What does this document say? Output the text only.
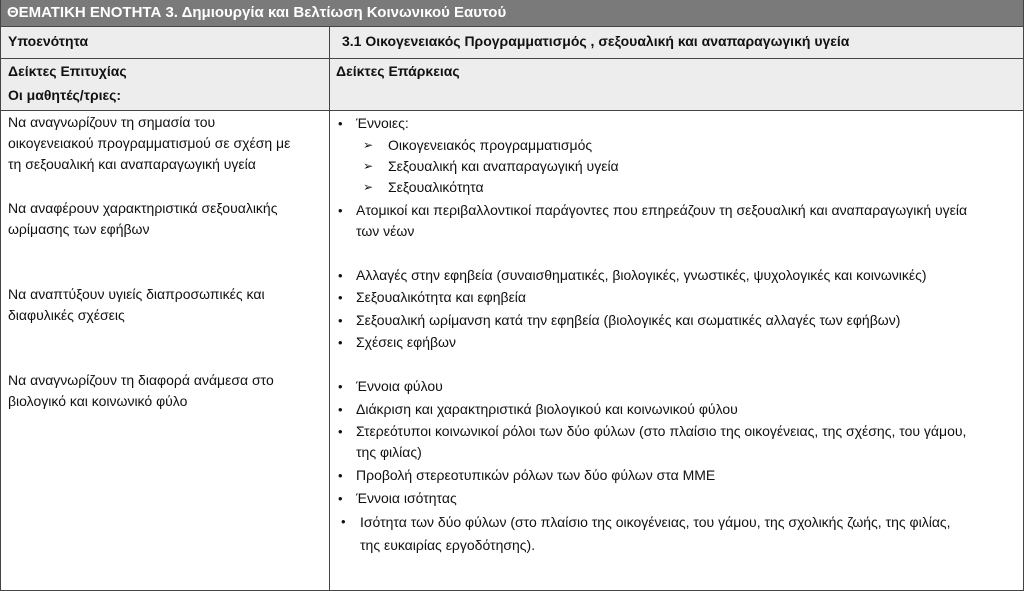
ΘΕΜΑΤΙΚΗ ΕΝΟΤΗΤΑ 3. Δημιουργία και Βελτίωση Κοινωνικού Εαυτού
Υποενότητα	3.1 Οικογενειακός Προγραμματισμός , σεξουαλική και αναπαραγωγική υγεία
Δείκτες Επιτυχίας
Οι μαθητές/τριες:
Δείκτες Επάρκειας
Να αναγνωρίζουν τη σημασία του
οικογενειακού προγραμματισμού σε σχέση με
τη σεξουαλική και αναπαραγωγική υγεία
Να αναφέρουν χαρακτηριστικά σεξουαλικής
ωρίμασης των εφήβων
Να αναπτύξουν υγιείς διαπροσωπικές και
διαφυλικές σχέσεις
Να αναγνωρίζουν τη διαφορά ανάμεσα στο
βιολογικό και κοινωνικό φύλο
• Έννοιες:
➢ Οικογενειακός προγραμματισμός
➢ Σεξουαλική και αναπαραγωγική υγεία
➢ Σεξουαλικότητα
• Ατομικοί και περιβαλλοντικοί παράγοντες που επηρεάζουν τη σεξουαλική και αναπαραγωγική υγεία
των νέων
• Αλλαγές στην εφηβεία (συναισθηματικές, βιολογικές, γνωστικές, ψυχολογικές και κοινωνικές)
• Σεξουαλικότητα και εφηβεία
• Σεξουαλική ωρίμανση κατά την εφηβεία (βιολογικές και σωματικές αλλαγές των εφήβων)
• Σχέσεις εφήβων
• Έννοια φύλου
• Διάκριση και χαρακτηριστικά βιολογικού και κοινωνικού φύλου
• Στερεότυποι κοινωνικοί ρόλοι των δύο φύλων (στο πλαίσιο της οικογένειας, της σχέσης, του γάμου,
της φιλίας)
• Προβολή στερεοτυπικών ρόλων των δύο φύλων στα ΜΜΕ
• Έννοια ισότητας
• Ισότητα των δύο φύλων (στο πλαίσιο της οικογένειας, του γάμου, της σχολικής ζωής, της φιλίας,
της ευκαιρίας εργοδότησης).
